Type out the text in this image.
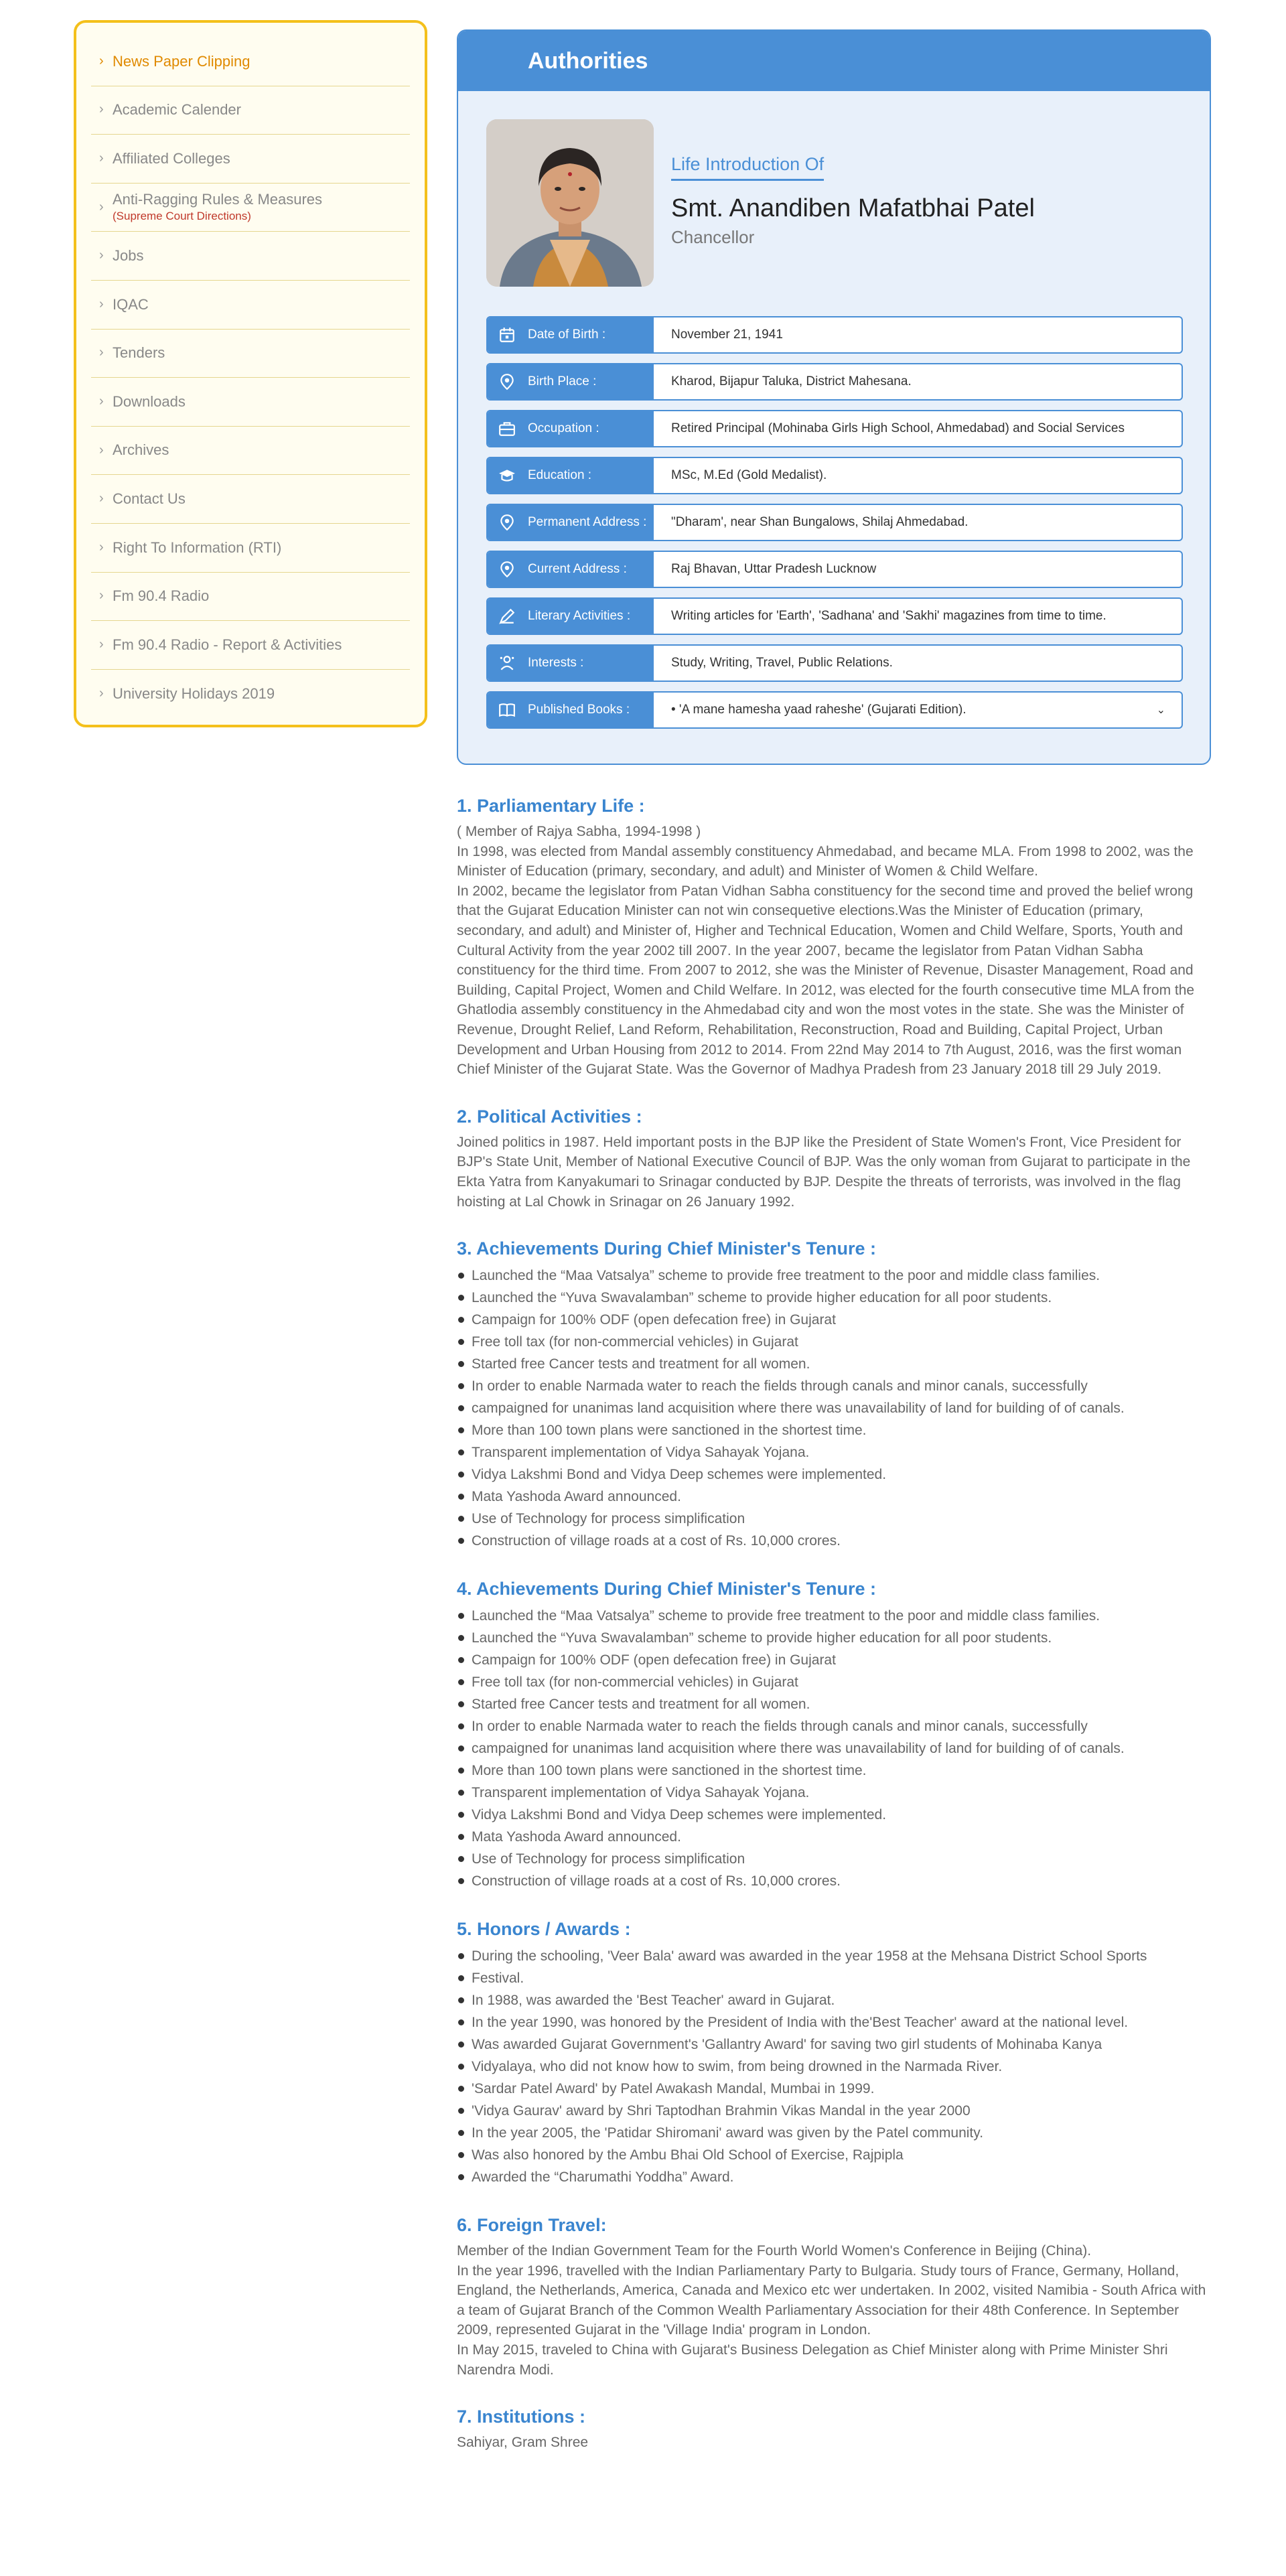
› News Paper Clipping
› Academic Calender
› Affiliated Colleges
› Anti-Ragging Rules & Measures
(Supreme Court Directions)
› Jobs
› IQAC
› Tenders
› Downloads
› Archives
› Contact Us
› Right To Information (RTI)
› Fm 90.4 Radio
› Fm 90.4 Radio - Report & Activities
› University Holidays 2019
Authorities
Life Introduction Of
Smt. Anandiben Mafatbhai Patel
Chancellor
Date of Birth :	November 21, 1941
Birth Place :	Kharod, Bijapur Taluka, District Mahesana.
Occupation :	Retired Principal (Mohinaba Girls High School, Ahmedabad) and Social Services
Education :	MSc, M.Ed (Gold Medalist).
Permanent Address : "Dharam', near Shan Bungalows, Shilaj Ahmedabad.
Current Address :	Raj Bhavan, Uttar Pradesh Lucknow
Literary Activities :	Writing articles for 'Earth', 'Sadhana' and 'Sakhi' magazines from time to time.
Interests :	Study, Writing, Travel, Public Relations.
Published Books :	• 'A mane hamesha yaad raheshe' (Gujarati Edition).	⌄
1. Parliamentary Life :

( Member of Rajya Sabha, 1994-1998 )

In 1998, was elected from Mandal assembly constituency Ahmedabad, and became MLA. From 1998 to 2002, was the Minister of Education (primary, secondary, and adult) and Minister of Women & Child Welfare.

In 2002, became the legislator from Patan Vidhan Sabha constituency for the second time and proved the belief wrong that the Gujarat Education Minister can not win consequetive elections.Was the Minister of Education (primary, secondary, and adult) and Minister of, Higher and Technical Education, Women and Child Welfare, Sports, Youth and Cultural Activity from the year 2002 till 2007. In the year 2007, became the legislator from Patan Vidhan Sabha constituency for the third time. From 2007 to 2012, she was the Minister of Revenue, Disaster Management, Road and Building, Capital Project, Women and Child Welfare. In 2012, was elected for the fourth consecutive time MLA from the Ghatlodia assembly constituency in the Ahmedabad city and won the most votes in the state. She was the Minister of Revenue, Drought Relief, Land Reform, Rehabilitation, Reconstruction, Road and Building, Capital Project, Urban Development and Urban Housing from 2012 to 2014. From 22nd May 2014 to 7th August, 2016, was the first woman Chief Minister of the Gujarat State. Was the Governor of Madhya Pradesh from 23 January 2018 till 29 July 2019.

2. Political Activities :

Joined politics in 1987. Held important posts in the BJP like the President of State Women's Front, Vice President for BJP's State Unit, Member of National Executive Council of BJP. Was the only woman from Gujarat to participate in the Ekta Yatra from Kanyakumari to Srinagar conducted by BJP. Despite the threats of terrorists, was involved in the flag hoisting at Lal Chowk in Srinagar on 26 January 1992.

3. Achievements During Chief Minister's Tenure :
Launched the “Maa Vatsalya” scheme to provide free treatment to the poor and middle class families.
Launched the “Yuva Swavalamban” scheme to provide higher education for all poor students.
Campaign for 100% ODF (open defecation free) in Gujarat
Free toll tax (for non-commercial vehicles) in Gujarat
Started free Cancer tests and treatment for all women.
In order to enable Narmada water to reach the fields through canals and minor canals, successfully
campaigned for unanimas land acquisition where there was unavailability of land for building of of canals.
More than 100 town plans were sanctioned in the shortest time.
Transparent implementation of Vidya Sahayak Yojana.
Vidya Lakshmi Bond and Vidya Deep schemes were implemented.
Mata Yashoda Award announced.
Use of Technology for process simplification
Construction of village roads at a cost of Rs. 10,000 crores.
4. Achievements During Chief Minister's Tenure :
Launched the “Maa Vatsalya” scheme to provide free treatment to the poor and middle class families.
Launched the “Yuva Swavalamban” scheme to provide higher education for all poor students.
Campaign for 100% ODF (open defecation free) in Gujarat
Free toll tax (for non-commercial vehicles) in Gujarat
Started free Cancer tests and treatment for all women.
In order to enable Narmada water to reach the fields through canals and minor canals, successfully
campaigned for unanimas land acquisition where there was unavailability of land for building of of canals.
More than 100 town plans were sanctioned in the shortest time.
Transparent implementation of Vidya Sahayak Yojana.
Vidya Lakshmi Bond and Vidya Deep schemes were implemented.
Mata Yashoda Award announced.
Use of Technology for process simplification
Construction of village roads at a cost of Rs. 10,000 crores.
5. Honors / Awards :
During the schooling, 'Veer Bala' award was awarded in the year 1958 at the Mehsana District School Sports
Festival.
In 1988, was awarded the 'Best Teacher' award in Gujarat.
In the year 1990, was honored by the President of India with the'Best Teacher' award at the national level.
Was awarded Gujarat Government's 'Gallantry Award' for saving two girl students of Mohinaba Kanya
Vidyalaya, who did not know how to swim, from being drowned in the Narmada River.
'Sardar Patel Award' by Patel Awakash Mandal, Mumbai in 1999.
'Vidya Gaurav' award by Shri Taptodhan Brahmin Vikas Mandal in the year 2000
In the year 2005, the 'Patidar Shiromani' award was given by the Patel community.
Was also honored by the Ambu Bhai Old School of Exercise, Rajpipla
Awarded the “Charumathi Yoddha” Award.
6. Foreign Travel:

Member of the Indian Government Team for the Fourth World Women's Conference in Beijing (China).

In the year 1996, travelled with the Indian Parliamentary Party to Bulgaria. Study tours of France, Germany, Holland, England, the Netherlands, America, Canada and Mexico etc wer undertaken. In 2002, visited Namibia - South Africa with a team of Gujarat Branch of the Common Wealth Parliamentary Association for their 48th Conference. In September 2009, represented Gujarat in the 'Village India' program in London.

In May 2015, traveled to China with Gujarat's Business Delegation as Chief Minister along with Prime Minister Shri Narendra Modi.

7. Institutions :

Sahiyar, Gram Shree
